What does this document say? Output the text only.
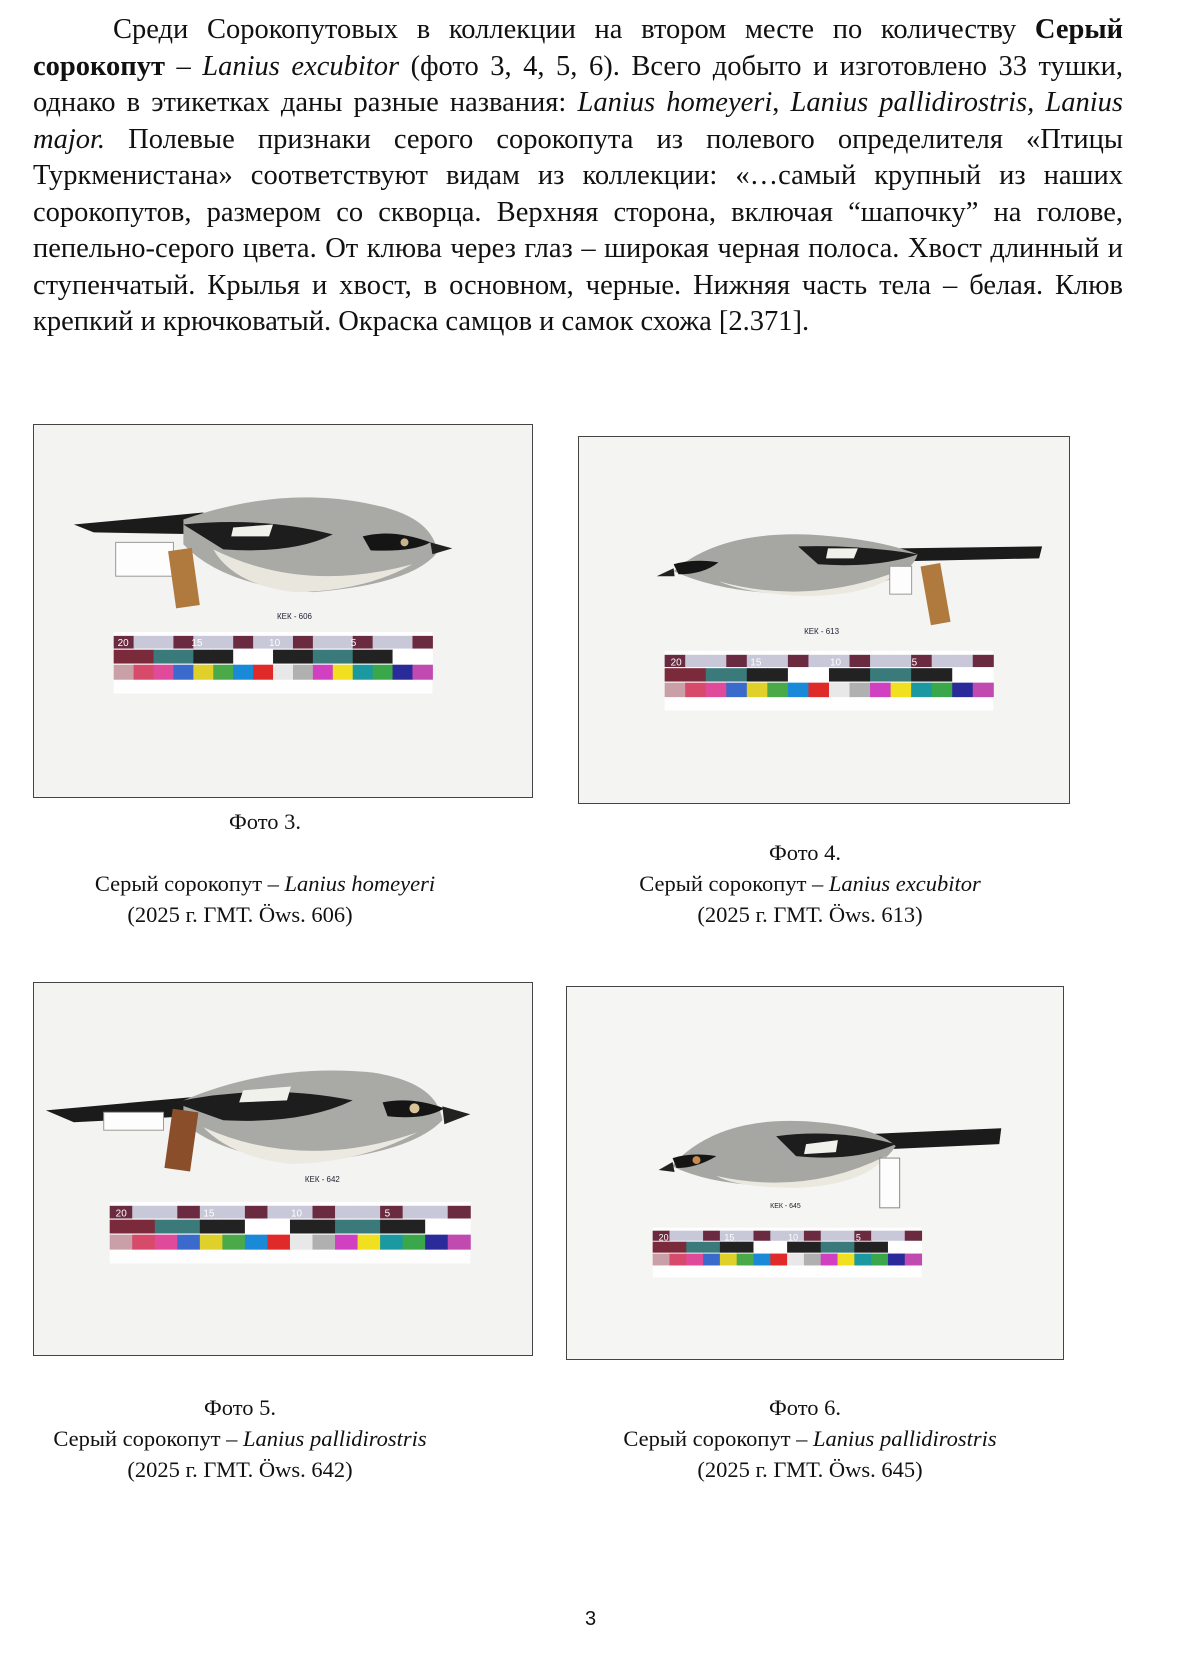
Среди Сорокопутовых в коллекции на втором месте по количеству Серый сорокопут – Lanius excubitor (фото 3, 4, 5, 6). Всего добыто и изготовлено 33 тушки, однако в этикетках даны разные названия: Lanius homeyeri, Lanius pallidirostris, Lanius major. Полевые признаки серого сорокопута из полевого определителя «Птицы Туркменистана» соответствуют видам из коллекции: «…самый крупный из наших сорокопутов, размером со скворца. Верхняя сторона, включая “шапочку” на голове, пепельно-серого цвета. От клюва через глаз – широкая черная полоса. Хвост длинный и ступенчатый. Крылья и хвост, в основном, черные. Нижняя часть тела – белая. Клюв крепкий и крючковатый. Окраска самцов и самок схожа [2.371].

КЕК - 606
20	15	10	5
КЕК - 613
20	15	10	5
Фото 3.
Серый сорокопут – Lanius homeyeri
(2025 г. ГМТ. Öws. 606)
Фото 4.
Серый сорокопут – Lanius excubitor
(2025 г. ГМТ. Öws. 613)
КЕК - 642
20	15	10	5
КЕК - 645
20	15	10	5
Фото 5.
Серый сорокопут – Lanius pallidirostris
(2025 г. ГМТ. Öws. 642)
Фото 6.
Серый сорокопут – Lanius pallidirostris
(2025 г. ГМТ. Öws. 645)
3
